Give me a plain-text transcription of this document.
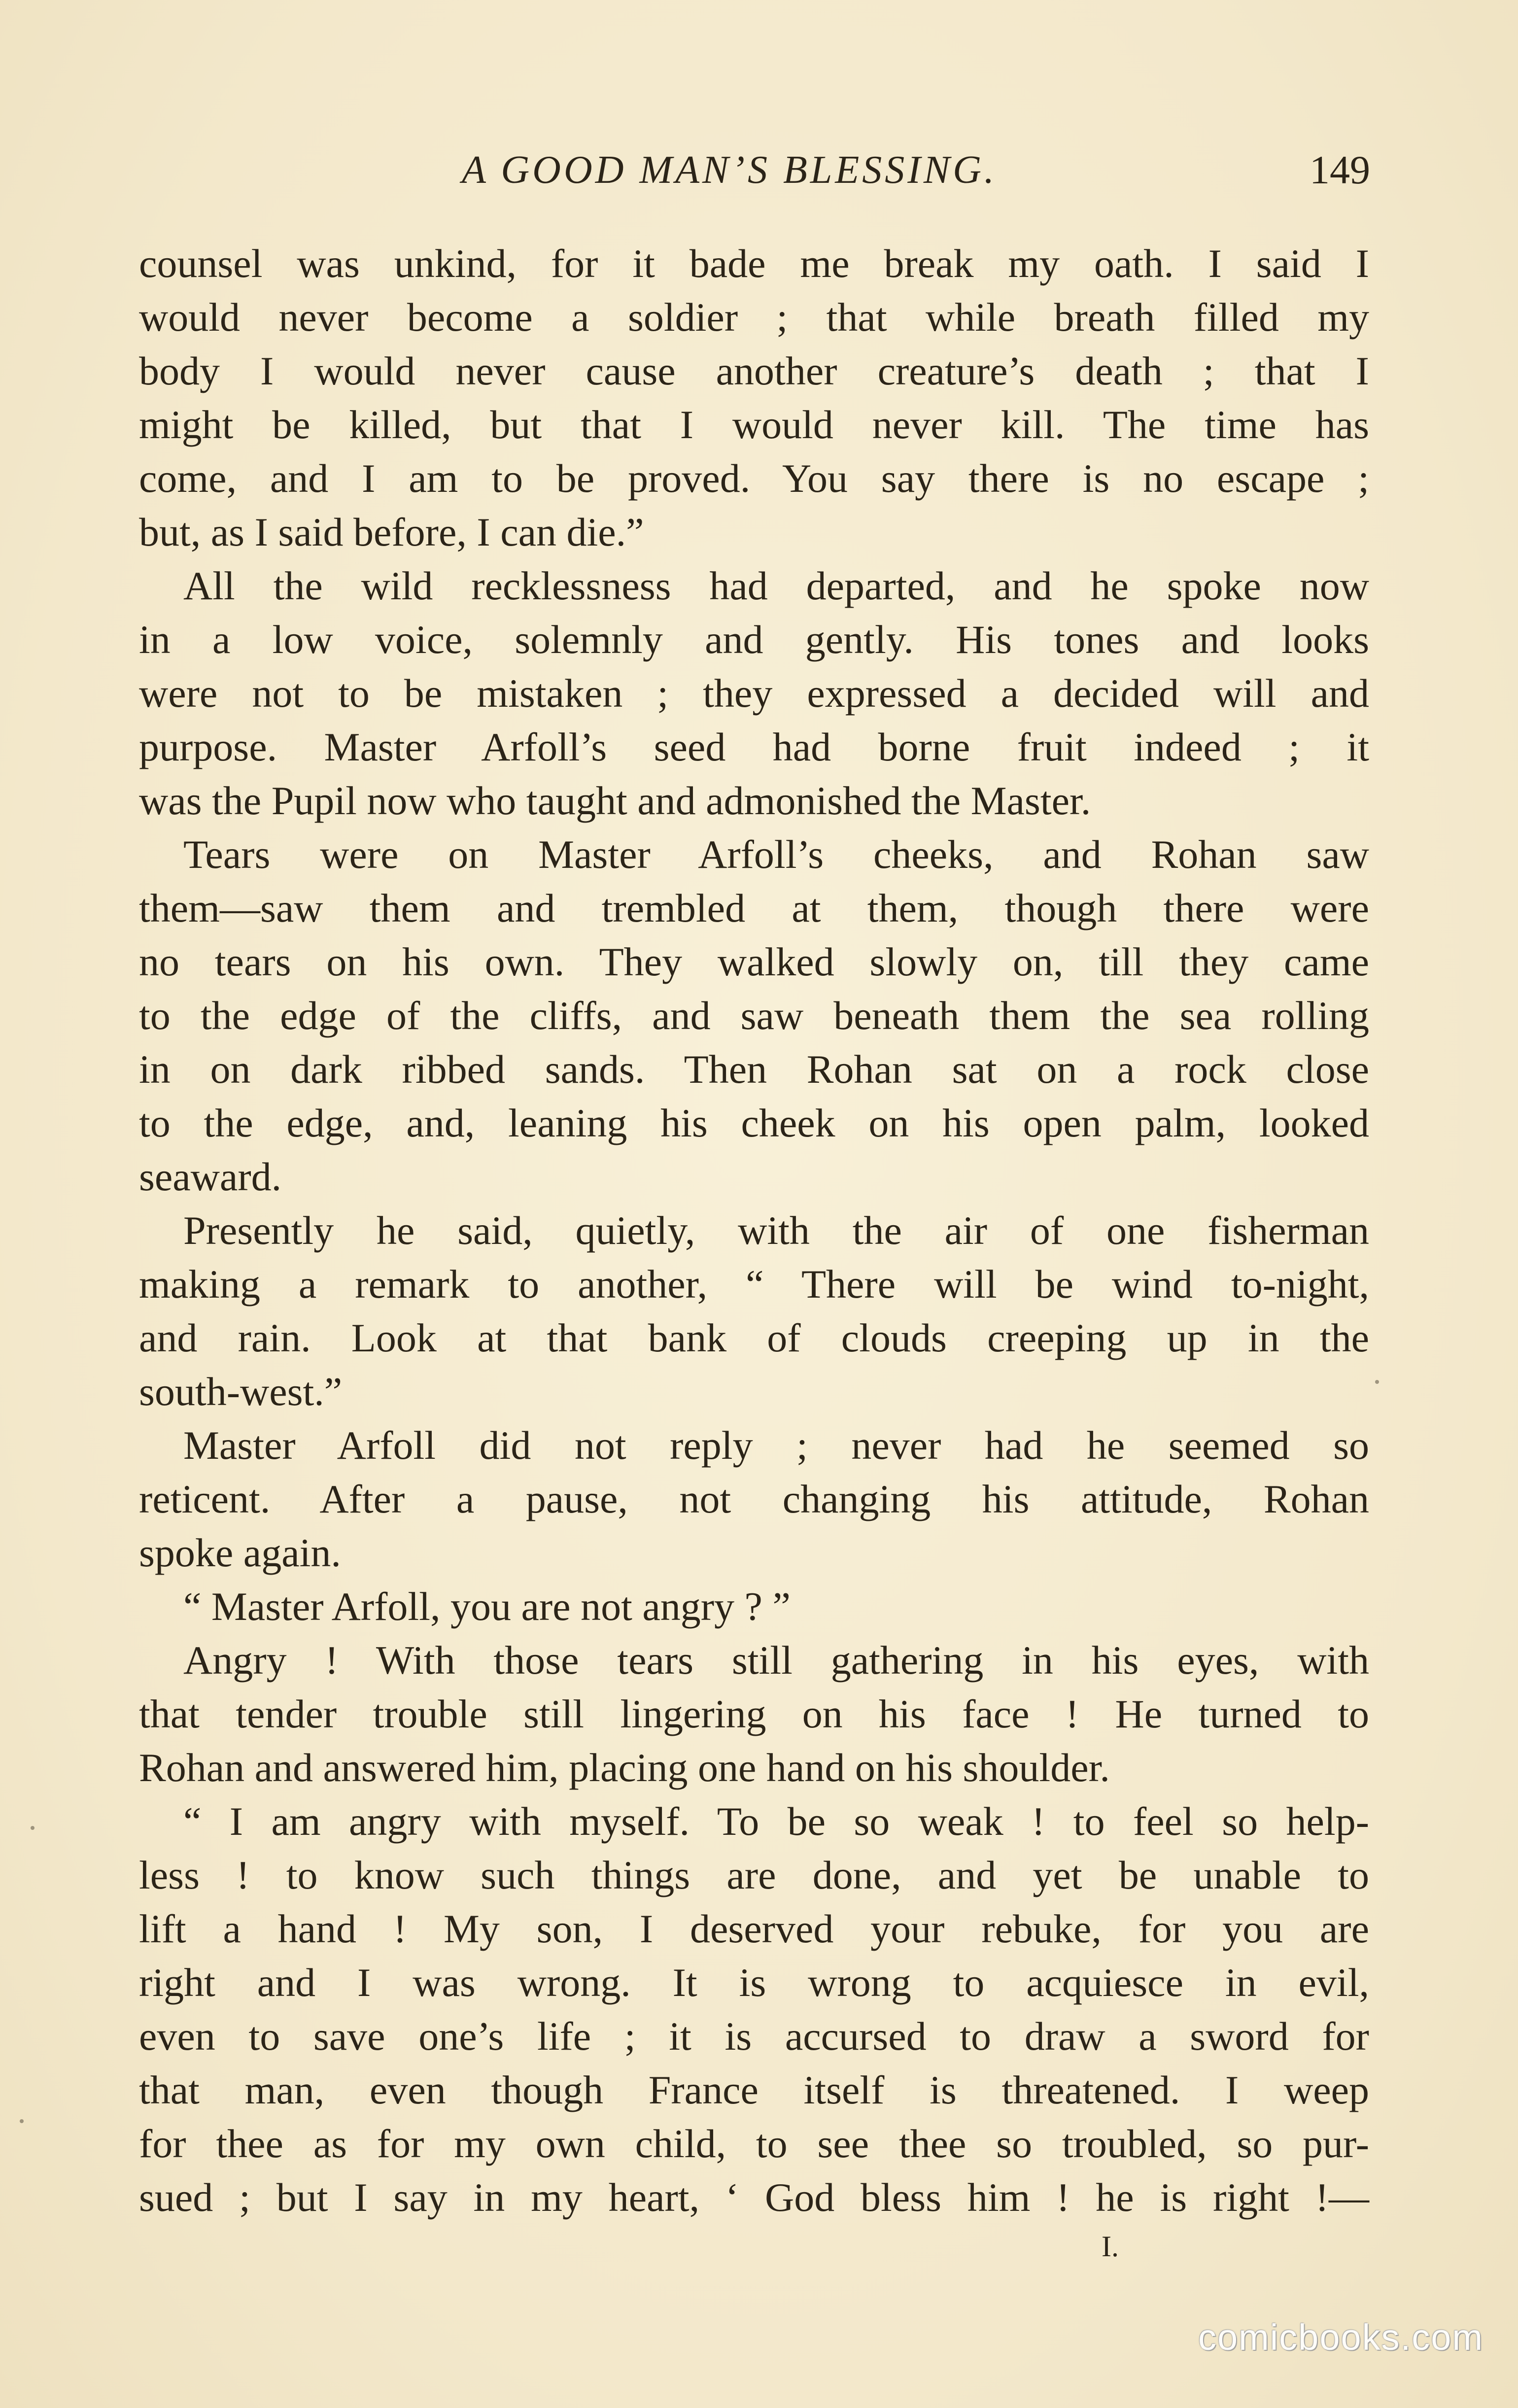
A GOOD MAN’S BLESSING.	149
counsel was unkind, for it bade me break my oath. I said I
would never become a soldier ; that while breath filled my
body I would never cause another creature’s death ; that I
might be killed, but that I would never kill. The time has
come, and I am to be proved. You say there is no escape ;
but, as I said before, I can die.”
All the wild recklessness had departed, and he spoke now
in a low voice, solemnly and gently. His tones and looks
were not to be mistaken ; they expressed a decided will and
purpose. Master Arfoll’s seed had borne fruit indeed ; it
was the Pupil now who taught and admonished the Master.
Tears were on Master Arfoll’s cheeks, and Rohan saw
them—saw them and trembled at them, though there were
no tears on his own. They walked slowly on, till they came
to the edge of the cliffs, and saw beneath them the sea rolling
in on dark ribbed sands. Then Rohan sat on a rock close
to the edge, and, leaning his cheek on his open palm, looked
seaward.
Presently he said, quietly, with the air of one fisherman
making a remark to another, “ There will be wind to-night,
and rain. Look at that bank of clouds creeping up in the
south-west.”
Master Arfoll did not reply ; never had he seemed so
reticent. After a pause, not changing his attitude, Rohan
spoke again.
“ Master Arfoll, you are not angry ? ”
Angry ! With those tears still gathering in his eyes, with
that tender trouble still lingering on his face ! He turned to
Rohan and answered him, placing one hand on his shoulder.
“ I am angry with myself. To be so weak ! to feel so help-
less ! to know such things are done, and yet be unable to
lift a hand ! My son, I deserved your rebuke, for you are
right and I was wrong. It is wrong to acquiesce in evil,
even to save one’s life ; it is accursed to draw a sword for
that man, even though France itself is threatened. I weep
for thee as for my own child, to see thee so troubled, so pur-
sued ; but I say in my heart, ‘ God bless him ! he is right !—
I.
comicbooks.com
